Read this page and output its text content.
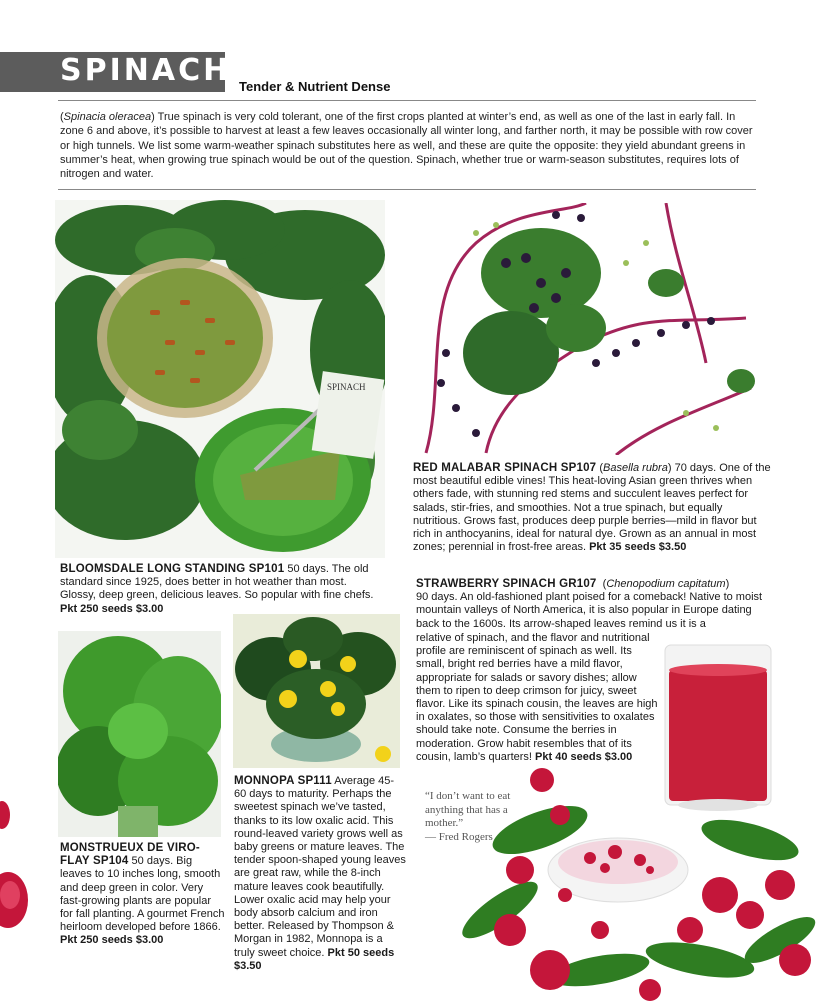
SPINACH Tender & Nutrient Dense
(Spinacia oleracea) True spinach is very cold tolerant, one of the first crops planted at winter’s end, as well as one of the last in early fall. In zone 6 and above, it’s possible to harvest at least a few leaves occasionally all winter long, and farther north, it may be possible with row cover or high tunnels. We list some warm-weather spinach substitutes here as well, and these are quite the opposite: they yield abundant greens in summer’s heat, when growing true spinach would be out of the question. Spinach, whether true or warm-season substitutes, requires lots of nitrogen and water.
SPINACH
RED MALABAR SPINACH SP107 (Basella rubra) 70 days. One of the most beautiful edible vines! This heat-loving Asian green thrives when others fade, with stunning red stems and succulent leaves perfect for salads, stir-fries, and smoothies. Not a true spinach, but equally nutritious. Grows fast, produces deep purple berries—mild in flavor but rich in anthocyanins, ideal for natural dye. Grown as an annual in most zones; perennial in frost-free areas. Pkt 35 seeds $3.50
BLOOMSDALE LONG STANDING SP101 50 days. The old standard since 1925, does better in hot weather than most. Glossy, deep green, delicious leaves. So popular with fine chefs. Pkt 250 seeds $3.00
STRAWBERRY SPINACH GR107  (Chenopodium capitatum)
90 days. An old-fashioned plant poised for a comeback! Native to moist mountain valleys of North America, it is also popular in Europe dating back to the 1600s. Its arrow-shaped leaves remind us it is a
relative of spinach, and the flavor and nutritional profile are reminiscent of spinach as well. Its small, bright red berries have a mild flavor, appropriate for salads or savory dishes; allow them to ripen to deep crimson for juicy, sweet flavor. Like its spinach cousin, the leaves are high in oxalates, so those with sensitivities to oxalates should take note. Consume the berries in moderation. Grow habit resembles that of its cousin, lamb’s quarters! Pkt 40 seeds $3.00
MONNOPA SP111 Average 45-60 days to maturity. Perhaps the sweetest spinach we’ve tasted, thanks to its low oxalic acid. This round-leaved variety grows well as baby greens or mature leaves. The tender spoon-shaped young leaves are great raw, while the 8-inch mature leaves cook beautifully. Lower oxalic acid may help your body absorb calcium and iron better. Released by Thompson & Morgan in 1982, Monnopa is a truly sweet choice. Pkt 50 seeds $3.50
MONSTRUEUX DE VIRO-FLAY SP104 50 days. Big leaves to 10 inches long, smooth and deep green in color. Very fast-growing plants are popular for fall planting. A gourmet French heirloom developed before 1866. Pkt 250 seeds $3.00
“I don’t want to eat anything that has a mother.”
— Fred Rogers
